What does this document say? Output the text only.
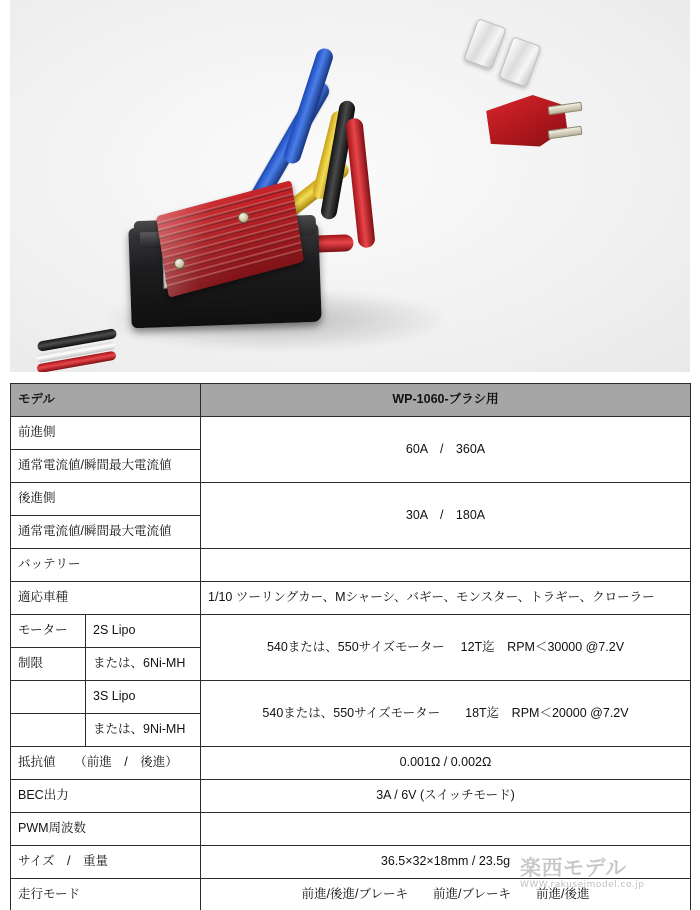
モデル		WP-1060-ブラシ用
前進側		60A　/　360A
通常電流値/瞬間最大電流値		
後進側		30A　/　180A
通常電流値/瞬間最大電流値		
バッテリー		
適応車種		1/10 ツーリングカー、Mシャーシ、バギー、モンスター、トラギー、クローラー
モーター	2S Lipo	540または、550サイズモーター　 12T迄　RPM＜30000 @7.2V
制限	または、6Ni-MH	
	3S Lipo	540または、550サイズモーター　　18T迄　RPM＜20000 @7.2V
	または、9Ni-MH	
抵抗値　　（前進　/　後進）		0.001Ω / 0.002Ω
BEC出力		3A / 6V (スイッチモード)
PWM周波数		
サイズ　/　重量		36.5×32×18mm / 23.5g
走行モード		前進/後進/ブレーキ　　前進/ブレーキ　　前進/後進
楽西モデル
WWW.rakuseimodel.co.jp
